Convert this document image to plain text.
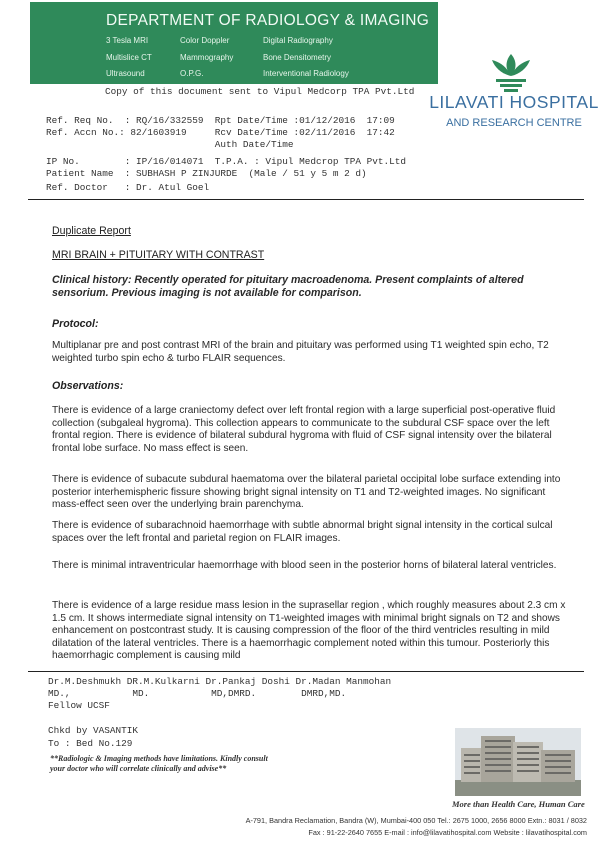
DEPARTMENT OF RADIOLOGY & IMAGING
3 Tesla MRI
Multislice CT
Ultrasound
Color Doppler
Mammography
O.P.G.
Digital Radiography
Bone Densitometry
Interventional Radiology
Copy of this document sent to Vipul Medcorp TPA Pvt.Ltd
LILAVATI HOSPITAL
AND RESEARCH CENTRE
Ref. Req No.  : RQ/16/332559  Rpt Date/Time :01/12/2016  17:09
Ref. Accn No.: 82/1603919     Rcv Date/Time :02/11/2016  17:42
Auth Date/Time
IP No.        : IP/16/014071  T.P.A. : Vipul Medcrop TPA Pvt.Ltd
Patient Name  : SUBHASH P ZINJURDE  (Male / 51 y 5 m 2 d)
Ref. Doctor   : Dr. Atul Goel
Duplicate Report
MRI BRAIN + PITUITARY WITH CONTRAST
Clinical history: Recently operated for pituitary macroadenoma. Present complaints of altered sensorium. Previous imaging is not available for comparison.
Protocol:
Multiplanar pre and post contrast MRI of the brain and pituitary was performed using T1 weighted spin echo, T2 weighted turbo spin echo & turbo FLAIR sequences.
Observations:
There is evidence of a large craniectomy defect over left frontal region with a large superficial post-operative fluid collection (subgaleal hygroma). This collection appears to communicate to the subdural CSF space over the left frontal region. There is evidence of bilateral subdural hygroma with fluid of CSF signal intensity over the bilateral frontal lobe surface. No mass effect is seen.
There is evidence of subacute subdural haematoma over the bilateral parietal occipital lobe surface extending into posterior interhemispheric fissure showing bright signal intensity on T1 and T2-weighted images. No significant mass-effect seen over the underlying brain parenchyma.
There is evidence of subarachnoid haemorrhage with subtle abnormal bright signal intensity in the cortical sulcal spaces over the left frontal and parietal region on FLAIR images.
There is minimal intraventricular haemorrhage with blood seen in the posterior horns of bilateral lateral ventricles.
There is evidence of a large residue mass lesion in the suprasellar region , which roughly measures about 2.3 cm x 1.5 cm. It shows intermediate signal intensity on T1-weighted images with minimal bright signals on T2 and shows enhancement on postcontrast study. It is causing compression of the floor of the third ventricles resulting in mild dilatation of the lateral ventricles. There is a haemorrhagic complement noted within this tumour. Posteriorly this haemorrhagic complement is causing mild

Dr.M.Deshmukh DR.M.Kulkarni Dr.Pankaj Doshi Dr.Madan Manmohan

MD.,           MD.           MD,DMRD.        DMRD,MD.

Fellow UCSF

Chkd by VASANTIK
To : Bed No.129
**Radiologic & Imaging methods have limitations. Kindly consult
your doctor who will correlate clinically and advise**
More than Health Care, Human Care
A-791, Bandra Reclamation, Bandra (W), Mumbai-400 050 Tel.: 2675 1000, 2656 8000 Extn.: 8031 / 8032
Fax : 91-22-2640 7655 E-mail : info@lilavatihospital.com Website : lilavatihospital.com
